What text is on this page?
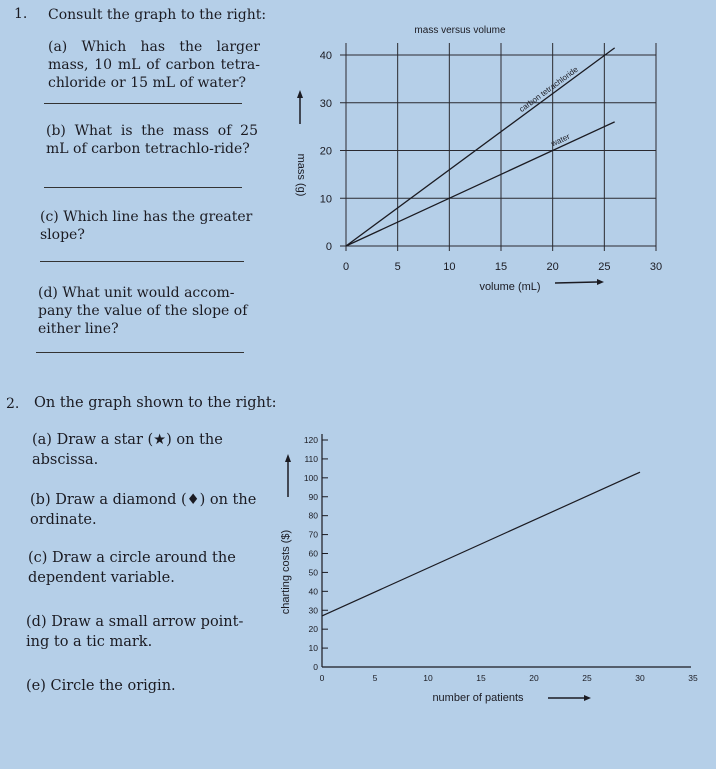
1. Consult the graph to the right:
(a) Which has the larger mass, 10 mL of carbon tetra-chloride or 15 mL of water?
(b) What is the mass of 25 mL of carbon tetrachlo-ride?
(c) Which line has the greater slope?
(d) What unit would accom-pany the value of the slope of either line?
2. On the graph shown to the right:
(a) Draw a star (★) on the abscissa.
(b) Draw a diamond (♦) on the ordinate.
(c) Draw a circle around the dependent variable.
(d) Draw a small arrow point-ing to a tic mark.
(e) Circle the origin.
mass versus volume
0	5	10	15	20	25	30
0
10
20
30
40
carbon tetrachloride
water
volume (mL)
mass (g)
0
10
20
30
40
50
60
70
80
90
100
110
120
0	5	10	15	20	25	30	35
number of patients
charting costs ($)
